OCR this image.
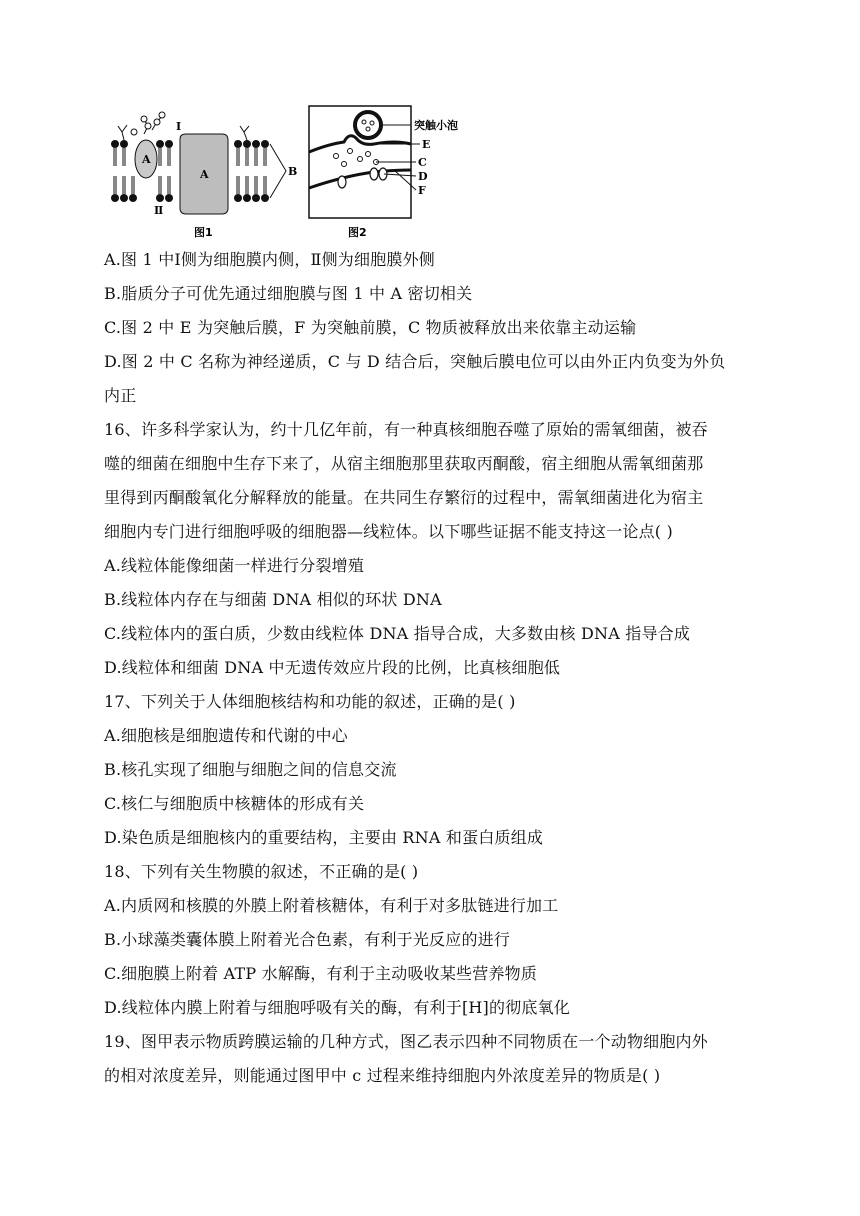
A
A
Ⅰ
Ⅱ
B
图1
突触小泡
E
C
D
F
图2
A.图 1 中Ⅰ侧为细胞膜内侧，Ⅱ侧为细胞膜外侧
B.脂质分子可优先通过细胞膜与图 1 中 A 密切相关
C.图 2 中 E 为突触后膜，F 为突触前膜，C 物质被释放出来依靠主动运输
D.图 2 中 C 名称为神经递质，C 与 D 结合后，突触后膜电位可以由外正内负变为外负
内正
16、许多科学家认为，约十几亿年前，有一种真核细胞吞噬了原始的需氧细菌，被吞
噬的细菌在细胞中生存下来了，从宿主细胞那里获取丙酮酸，宿主细胞从需氧细菌那
里得到丙酮酸氧化分解释放的能量。在共同生存繁衍的过程中，需氧细菌进化为宿主
细胞内专门进行细胞呼吸的细胞器—线粒体。以下哪些证据不能支持这一论点( )
A.线粒体能像细菌一样进行分裂增殖
B.线粒体内存在与细菌 DNA 相似的环状 DNA
C.线粒体内的蛋白质，少数由线粒体 DNA 指导合成，大多数由核 DNA 指导合成
D.线粒体和细菌 DNA 中无遗传效应片段的比例，比真核细胞低
17、下列关于人体细胞核结构和功能的叙述，正确的是( )
A.细胞核是细胞遗传和代谢的中心
B.核孔实现了细胞与细胞之间的信息交流
C.核仁与细胞质中核糖体的形成有关
D.染色质是细胞核内的重要结构，主要由 RNA 和蛋白质组成
18、下列有关生物膜的叙述，不正确的是( )
A.内质网和核膜的外膜上附着核糖体，有利于对多肽链进行加工
B.小球藻类囊体膜上附着光合色素，有利于光反应的进行
C.细胞膜上附着 ATP 水解酶，有利于主动吸收某些营养物质
D.线粒体内膜上附着与细胞呼吸有关的酶，有利于[H]的彻底氧化
19、图甲表示物质跨膜运输的几种方式，图乙表示四种不同物质在一个动物细胞内外
的相对浓度差异，则能通过图甲中 c 过程来维持细胞内外浓度差异的物质是( )
